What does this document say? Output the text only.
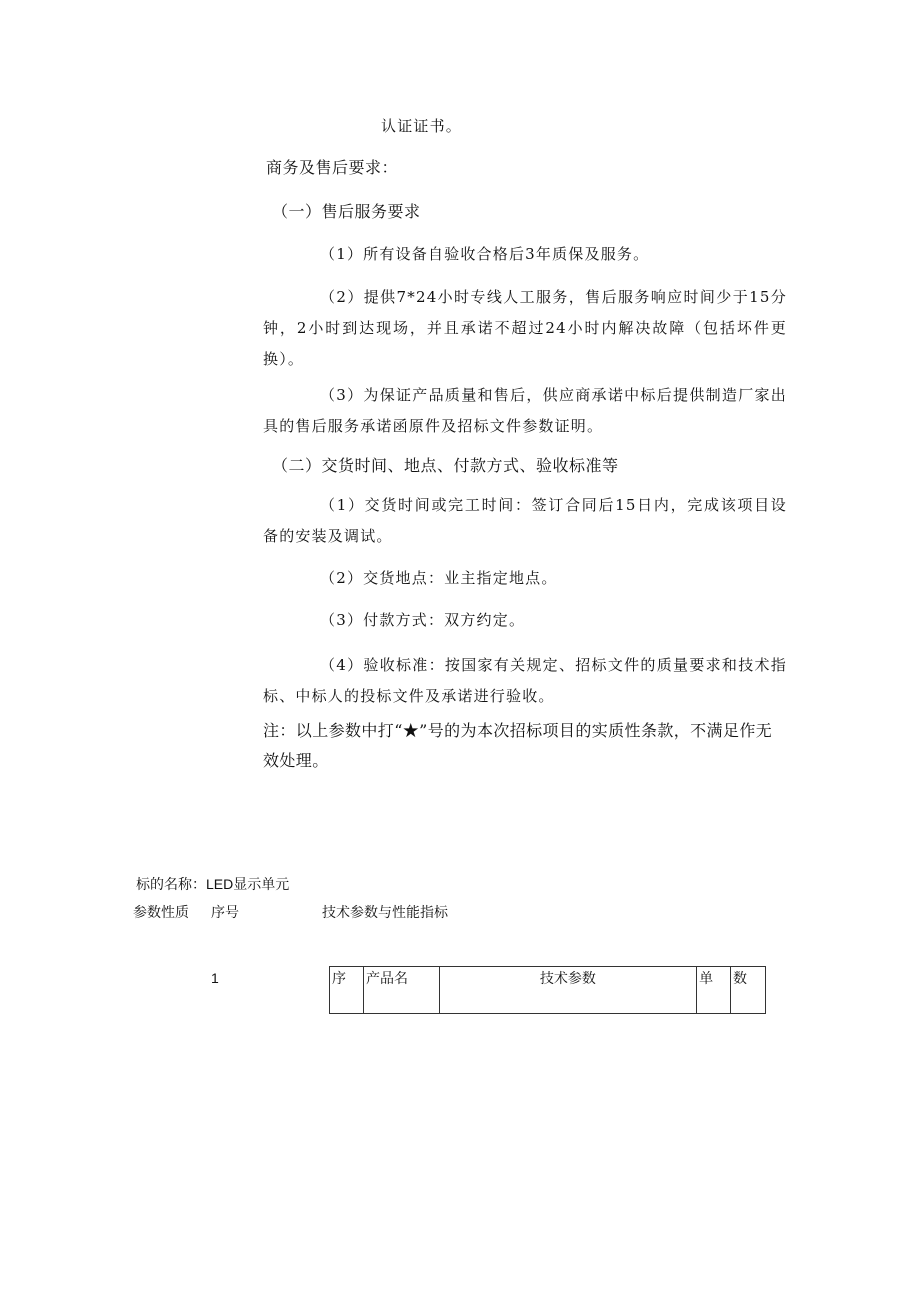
认证证书。
商务及售后要求：
（一）售后服务要求
（1）所有设备自验收合格后3年质保及服务。
（2）提供7*24小时专线人工服务，售后服务响应时间少于15分钟，2小时到达现场，并且承诺不超过24小时内解决故障（包括坏件更换）。
（3）为保证产品质量和售后，供应商承诺中标后提供制造厂家出具的售后服务承诺函原件及招标文件参数证明。
（二）交货时间、地点、付款方式、验收标准等
（1）交货时间或完工时间：签订合同后15日内，完成该项目设备的安装及调试。
（2）交货地点：业主指定地点。
（3）付款方式：双方约定。
（4）验收标准：按国家有关规定、招标文件的质量要求和技术指标、中标人的投标文件及承诺进行验收。
注：以上参数中打“★”号的为本次招标项目的实质性条款，不满足作无效处理。
标的名称：LED显示单元
参数性质 序号	技术参数与性能指标
1	序	产品名	技术参数	单	数
